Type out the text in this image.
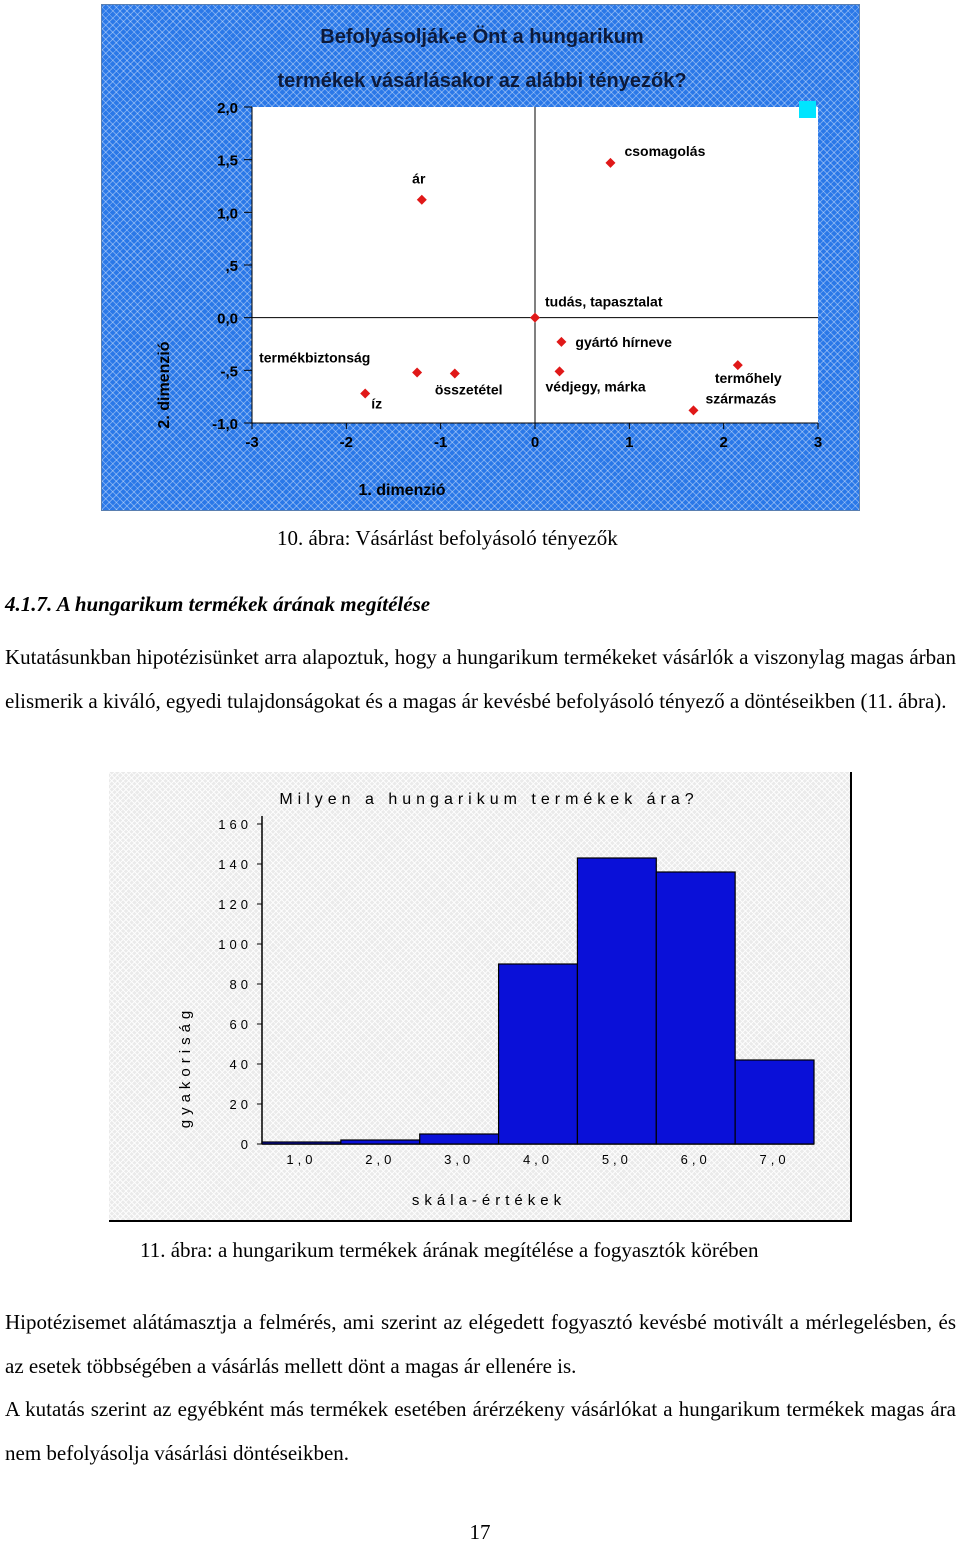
Befolyásolják-e Önt a hungarikum
termékek vásárlásakor az alábbi tényezők?
-1,0
-,5
0,0
,5
1,0
1,5
2,0
-3	-2	-1	0	1	2	3
csomagolás
ár
tudás, tapasztalat
gyártó hírneve
védjegy, márka
termékbiztonság
összetétel
termőhely
íz	származás
1. dimenzió
2. dimenzió
10. ábra: Vásárlást befolyásoló tényezők
4.1.7. A hungarikum termékek árának megítélése
Kutatásunkban hipotézisünket arra alapoztuk, hogy a hungarikum termékeket vásárlók a viszonylag magas árban elismerik a kiváló, egyedi tulajdonságokat és a magas ár kevésbé befolyásoló tényező a döntéseikben (11. ábra).
Milyen a hungarikum termékek ára?
0
20
40
60
80
100
120
140
160
1,0	2,0	3,0	4,0	5,0	6,0	7,0
skála-értékek
gyakoriság
11. ábra: a hungarikum termékek árának megítélése a fogyasztók körében
Hipotézisemet alátámasztja a felmérés, ami szerint az elégedett fogyasztó kevésbé motivált a mérlegelésben, és az esetek többségében a vásárlás mellett dönt a magas ár ellenére is.
A kutatás szerint az egyébként más termékek esetében árérzékeny vásárlókat a hungarikum termékek magas ára nem befolyásolja vásárlási döntéseikben.
17
